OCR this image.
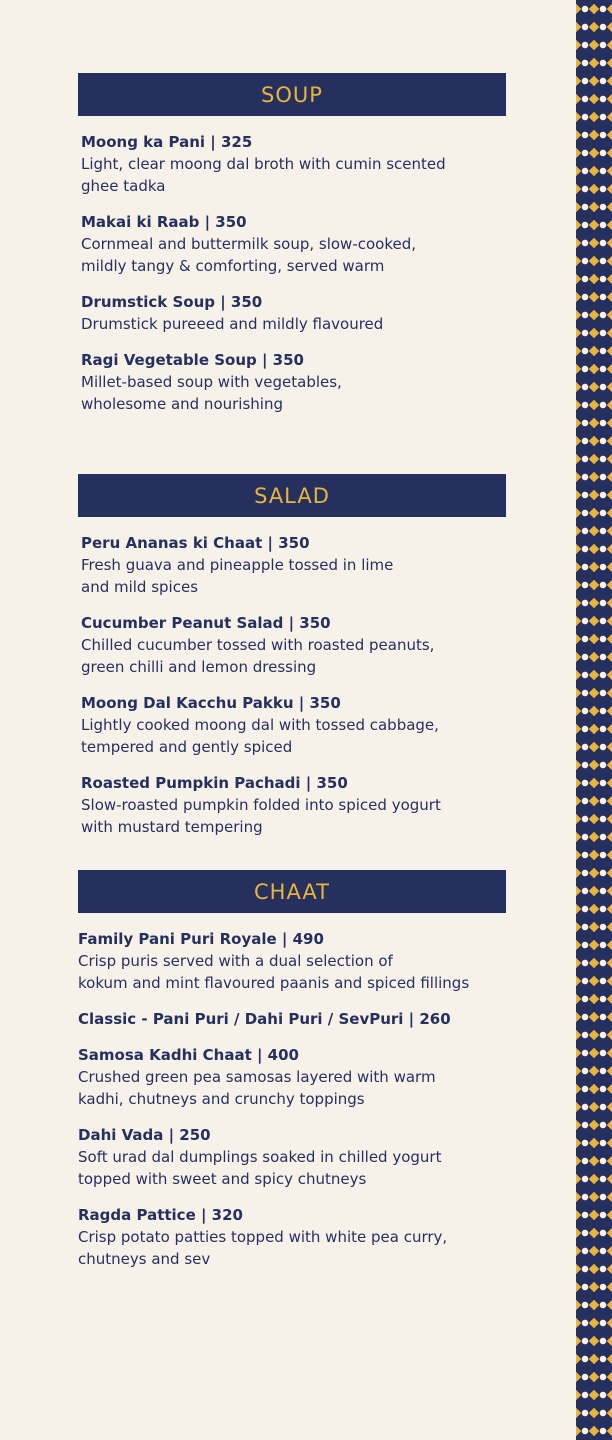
SOUP
Moong ka Pani | 325
Light, clear moong dal broth with cumin scented
ghee tadka
Makai ki Raab | 350
Cornmeal and buttermilk soup, slow-cooked,
mildly tangy & comforting, served warm
Drumstick Soup | 350
Drumstick pureeed and mildly flavoured
Ragi Vegetable Soup | 350
Millet-based soup with vegetables,
wholesome and nourishing
SALAD
Peru Ananas ki Chaat | 350
Fresh guava and pineapple tossed in lime
and mild spices
Cucumber Peanut Salad | 350
Chilled cucumber tossed with roasted peanuts,
green chilli and lemon dressing
Moong Dal Kacchu Pakku | 350
Lightly cooked moong dal with tossed cabbage,
tempered and gently spiced
Roasted Pumpkin Pachadi | 350
Slow-roasted pumpkin folded into spiced yogurt
with mustard tempering
CHAAT
Family Pani Puri Royale | 490
Crisp puris served with a dual selection of
kokum and mint flavoured paanis and spiced fillings
Classic - Pani Puri / Dahi Puri / SevPuri | 260
Samosa Kadhi Chaat | 400
Crushed green pea samosas layered with warm
kadhi, chutneys and crunchy toppings
Dahi Vada | 250
Soft urad dal dumplings soaked in chilled yogurt
topped with sweet and spicy chutneys
Ragda Pattice | 320
Crisp potato patties topped with white pea curry,
chutneys and sev
